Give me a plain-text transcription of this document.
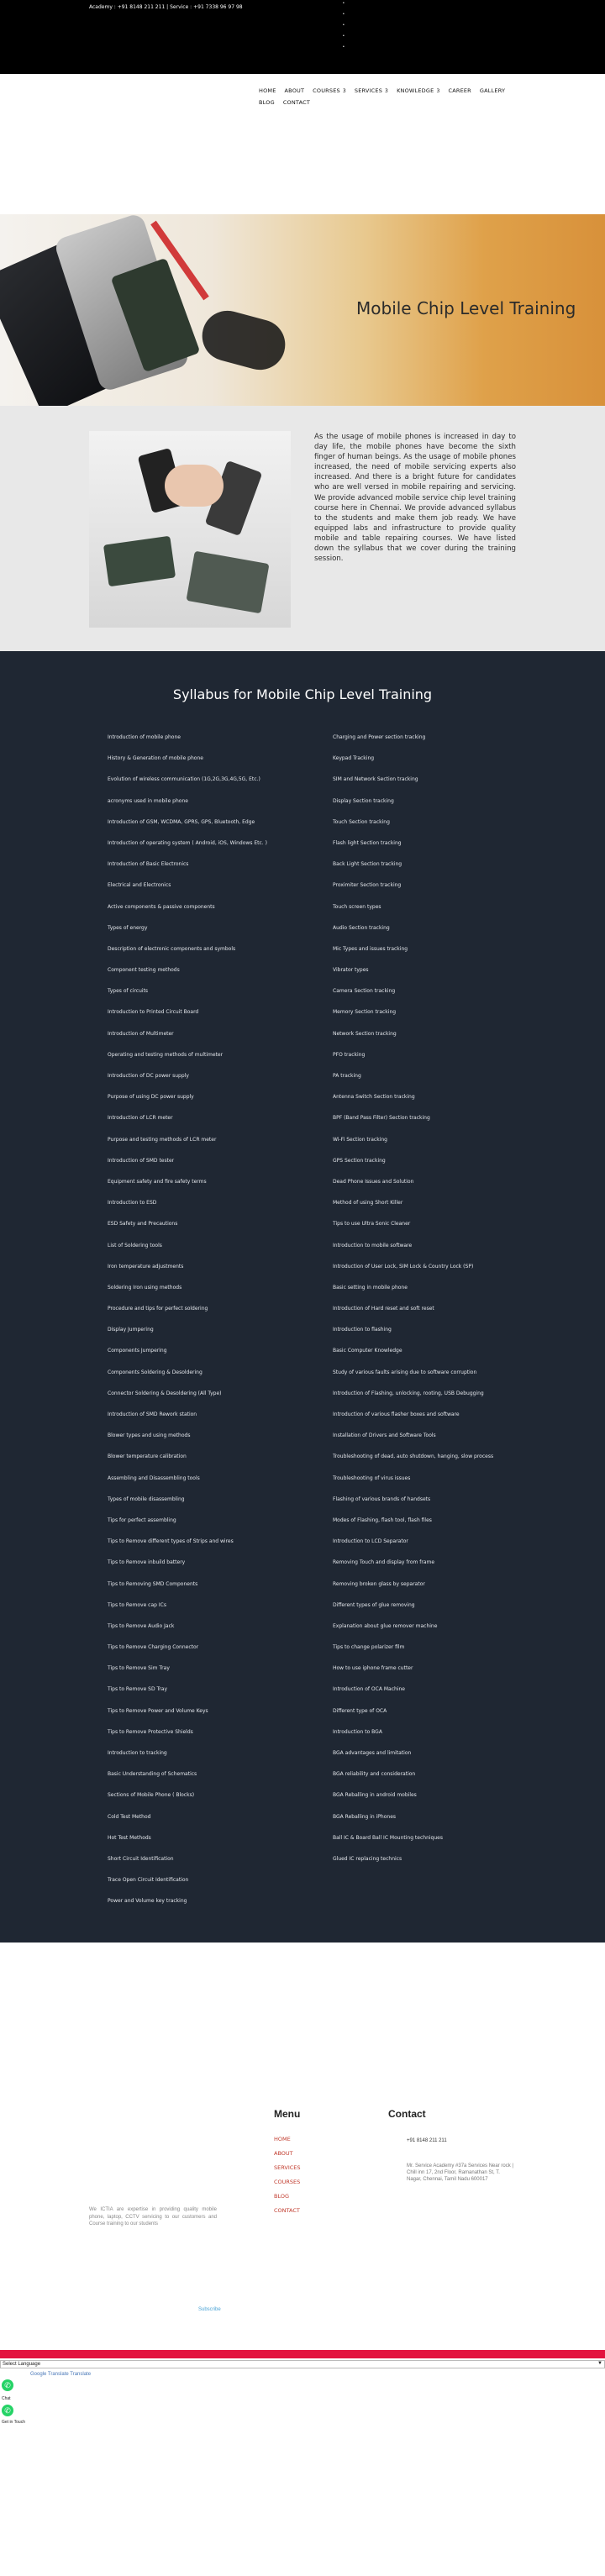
Academy : +91 8148 211 211 | Service : +91 7338 96 97 98
•
•
•
•
•
HOME ABOUT COURSES 3 SERVICES 3 KNOWLEDGE 3 CAREER GALLERY
BLOG CONTACT
Mobile Chip Level Training

As the usage of mobile phones is increased in day to day life, the mobile phones have become the sixth finger of human beings. As the usage of mobile phones increased, the need of mobile servicing experts also increased. And there is a bright future for candidates who are well versed in mobile repairing and servicing. We provide advanced mobile service chip level training course here in Chennai. We provide advanced syllabus to the students and make them job ready. We have equipped labs and infrastructure to provide quality mobile and table repairing courses. We have listed down the syllabus that we cover during the training session.

Syllabus for Mobile Chip Level Training
Introduction of mobile phone
History & Generation of mobile phone
Evolution of wireless communication (1G,2G,3G,4G,5G, Etc.)
acronyms used in mobile phone
Introduction of GSM, WCDMA, GPRS, GPS, Bluetooth, Edge
Introduction of operating system ( Android, iOS, Windows Etc. )
Introduction of Basic Electronics
Electrical and Electronics
Active components & passive components
Types of energy
Description of electronic components and symbols
Component testing methods
Types of circuits
Introduction to Printed Circuit Board
Introduction of Multimeter
Operating and testing methods of multimeter
Introduction of DC power supply
Purpose of using DC power supply
Introduction of LCR meter
Purpose and testing methods of LCR meter
Introduction of SMD tester
Equipment safety and fire safety terms
Introduction to ESD
ESD Safety and Precautions
List of Soldering tools
Iron temperature adjustments
Soldering Iron using methods
Procedure and tips for perfect soldering
Display Jumpering
Components Jumpering
Components Soldering & Desoldering
Connector Soldering & Desoldering (All Type)
Introduction of SMD Rework station
Blower types and using methods
Blower temperature calibration
Assembling and Disassembling tools
Types of mobile disassembling
Tips for perfect assembling
Tips to Remove different types of Strips and wires
Tips to Remove inbuild battery
Tips to Removing SMD Components
Tips to Remove cap ICs
Tips to Remove Audio Jack
Tips to Remove Charging Connector
Tips to Remove Sim Tray
Tips to Remove SD Tray
Tips to Remove Power and Volume Keys
Tips to Remove Protective Shields
Introduction to tracking
Basic Understanding of Schematics
Sections of Mobile Phone ( Blocks)
Cold Test Method
Hot Test Methods
Short Circuit Identification
Trace Open Circuit Identification
Power and Volume key tracking
Charging and Power section tracking
Keypad Tracking
SIM and Network Section tracking
Display Section tracking
Touch Section tracking
Flash light Section tracking
Back Light Section tracking
Proximiter Section tracking
Touch screen types
Audio Section tracking
Mic Types and issues tracking
Vibrator types
Camera Section tracking
Memory Section tracking
Network Section tracking
PFO tracking
PA tracking
Antenna Switch Section tracking
BPF (Band Pass Filter) Section tracking
Wi-Fi Section tracking
GPS Section tracking
Dead Phone Issues and Solution
Method of using Short Killer
Tips to use Ultra Sonic Cleaner
Introduction to mobile software
Introduction of User Lock, SIM Lock & Country Lock (SP)
Basic setting in mobile phone
Introduction of Hard reset and soft reset
Introduction to flashing
Basic Computer Knowledge
Study of various faults arising due to software corruption
Introduction of Flashing, unlocking, rooting, USB Debugging
Introduction of various flasher boxes and software
Installation of Drivers and Software Tools
Troubleshooting of dead, auto shutdown, hanging, slow process
Troubleshooting of virus issues
Flashing of various brands of handsets
Modes of Flashing, flash tool, flash files
Introduction to LCD Separator
Removing Touch and display from frame
Removing broken glass by separator
Different types of glue removing
Explanation about glue remover machine
Tips to change polarizer film
How to use iphone frame cutter
Introduction of OCA Machine
Different type of OCA
Introduction to BGA
BGA advantages and limitation
BGA reliability and consideration
BGA Reballing in android mobiles
BGA Reballing in iPhones
Ball IC & Board Ball IC Mounting techniques
Glued IC replacing technics
Menu
HOME
ABOUT
SERVICES
COURSES
BLOG
CONTACT
Contact
+91 8148 211 211
Mr. Service Academy #37a Services Near rock | Chill inn 17, 2nd Floor, Ramanathan St, T. Nagar, Chennai, Tamil Nadu 600017

We ICTIA are expertise in providing quality mobile phone, laptop, CCTV servicing to our customers and Course training to our students

Subscribe
Select Language	▼
Google Translate Translate
✆
Chat
✆
Get in Touch
